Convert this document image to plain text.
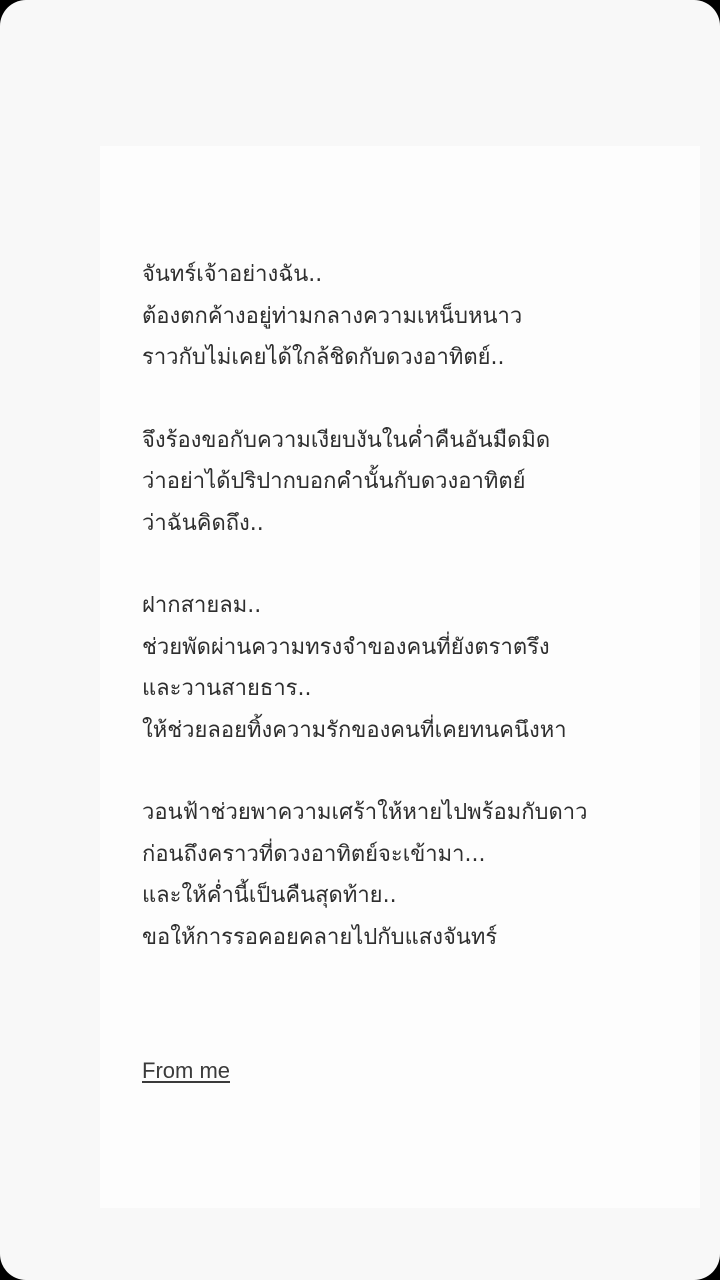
จันทร์เจ้าอย่างฉัน..
ต้องตกค้างอยู่ท่ามกลางความเหน็บหนาว
ราวกับไม่เคยได้ใกล้ชิดกับดวงอาทิตย์..
จึงร้องขอกับความเงียบงันในค่ำคืนอันมืดมิด
ว่าอย่าได้ปริปากบอกคำนั้นกับดวงอาทิตย์
ว่าฉันคิดถึง..
ฝากสายลม..
ช่วยพัดผ่านความทรงจำของคนที่ยังตราตรึง
และวานสายธาร..
ให้ช่วยลอยทิ้งความรักของคนที่เคยทนคนึงหา
วอนฟ้าช่วยพาความเศร้าให้หายไปพร้อมกับดาว
ก่อนถึงคราวที่ดวงอาทิตย์จะเข้ามา...
และให้ค่ำนี้เป็นคืนสุดท้าย..
ขอให้การรอคอยคลายไปกับแสงจันทร์
From me
